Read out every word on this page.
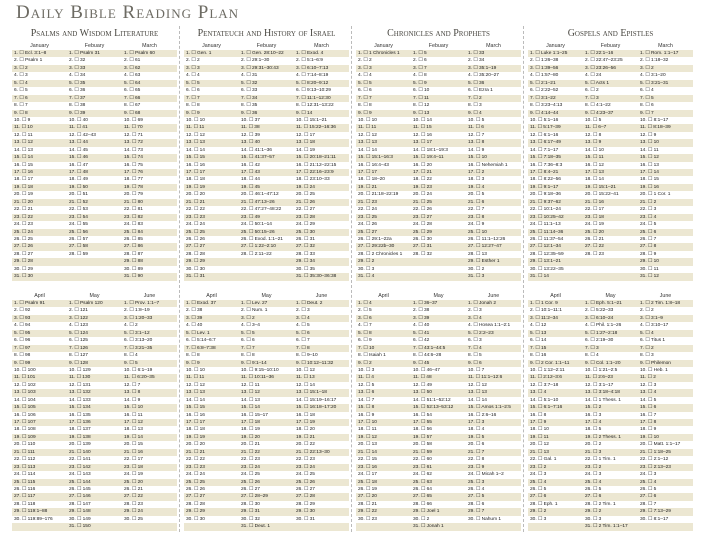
Daily Bible Reading Plan
Psalms and Wisdom Literature
January	Febuary	March
1. ☐ Ecl. 3:1–8	1. ☐ Psalm 31	1. ☐ Psalm 60
2. ☐ Psalm 1	2. ☐ 32	2. ☐ 61
3. ☐ 2	3. ☐ 33	3. ☐ 62
4. ☐ 3	4. ☐ 34	4. ☐ 63
5. ☐ 4	5. ☐ 35	5. ☐ 64
6. ☐ 5	6. ☐ 36	6. ☐ 65
7. ☐ 6	7. ☐ 37	7. ☐ 66
8. ☐ 7	8. ☐ 38	8. ☐ 67
9. ☐ 8	9. ☐ 39	9. ☐ 68
10. ☐ 9	10. ☐ 40	10. ☐ 69
11. ☐ 10	11. ☐ 41	11. ☐ 70
12. ☐ 11	12. ☐ 42–43	12. ☐ 71
13. ☐ 12	13. ☐ 44	13. ☐ 72
14. ☐ 13	14. ☐ 45	14. ☐ 73
15. ☐ 14	15. ☐ 46	15. ☐ 74
16. ☐ 15	16. ☐ 47	16. ☐ 75
17. ☐ 16	17. ☐ 48	17. ☐ 76
18. ☐ 17	18. ☐ 49	18. ☐ 77
19. ☐ 18	19. ☐ 50	19. ☐ 78
20. ☐ 19	20. ☐ 51	20. ☐ 79
21. ☐ 20	21. ☐ 52	21. ☐ 80
22. ☐ 21	22. ☐ 53	22. ☐ 81
23. ☐ 22	23. ☐ 54	23. ☐ 82
24. ☐ 23	24. ☐ 55	24. ☐ 83
25. ☐ 24	25. ☐ 56	25. ☐ 84
26. ☐ 25	26. ☐ 57	26. ☐ 85
27. ☐ 26	27. ☐ 58	27. ☐ 86
28. ☐ 27	28. ☐ 59	28. ☐ 87
29. ☐ 28	29. ☐ 88
30. ☐ 29	30. ☐ 89
31. ☐ 30	31. ☐ 90
April	May	June
1. ☐ Psalm 91	1. ☐ Psalm 120	1. ☐ Prov. 1:1–7
2. ☐ 92	2. ☐ 121	2. ☐ 1:8–19
3. ☐ 93	3. ☐ 122	3. ☐ 1:20–33
4. ☐ 94	4. ☐ 123	4. ☐ 2
5. ☐ 95	5. ☐ 124	5. ☐ 3:1–12
6. ☐ 96	6. ☐ 125	6. ☐ 3:13–20
7. ☐ 97	7. ☐ 126	7. ☐ 3:21–35
8. ☐ 98	8. ☐ 127	8. ☐ 4
9. ☐ 99	9. ☐ 128	9. ☐ 5
10. ☐ 100	10. ☐ 129	10. ☐ 6:1–19
11. ☐ 101	11. ☐ 130	11. ☐ 6:20–35
12. ☐ 102	12. ☐ 131	12. ☐ 7
13. ☐ 103	13. ☐ 132	13. ☐ 8
14. ☐ 104	14. ☐ 133	14. ☐ 9
15. ☐ 105	15. ☐ 134	15. ☐ 10
16. ☐ 106	16. ☐ 135	16. ☐ 11
17. ☐ 107	17. ☐ 136	17. ☐ 12
18. ☐ 108	18. ☐ 137	18. ☐ 13
19. ☐ 109	19. ☐ 138	19. ☐ 14
20. ☐ 110	20. ☐ 139	20. ☐ 15
21. ☐ 111	21. ☐ 140	21. ☐ 16
22. ☐ 112	22. ☐ 141	22. ☐ 17
23. ☐ 113	23. ☐ 142	23. ☐ 18
24. ☐ 114	24. ☐ 143	24. ☐ 19
25. ☐ 115	25. ☐ 144	25. ☐ 20
26. ☐ 116	26. ☐ 145	26. ☐ 21
27. ☐ 117	27. ☐ 146	27. ☐ 22
28. ☐ 118	28. ☐ 147	28. ☐ 23
29. ☐ 119:1–88	29. ☐ 148	29. ☐ 24
30. ☐ 119:89–176	30. ☐ 149	30. ☐ 25
31. ☐ 150
Pentateuch and History of Israel
January	Febuary	March
1. ☐ Gen. 1	1. ☐ Gen. 28:10–22	1. ☐ Exod. 4
2. ☐ 2	2. ☐ 29:1–30	2. ☐ 5:1–6:9
3. ☐ 3	3. ☐ 29:31–30:43	3. ☐ 6:10–7:13
4. ☐ 4	4. ☐ 31	4. ☐ 7:14–8:19
5. ☐ 5	5. ☐ 32	5. ☐ 8:20–9:12
6. ☐ 6	6. ☐ 33	6. ☐ 9:13–10:29
7. ☐ 7	7. ☐ 34	7. ☐ 11:1–12:30
8. ☐ 8	8. ☐ 35	8. ☐ 12:31–13:22
9. ☐ 9	9. ☐ 36	9. ☐ 14
10. ☐ 10	10. ☐ 37	10. ☐ 15:1–21
11. ☐ 11	11. ☐ 38	11. ☐ 15:22–16:36
12. ☐ 12	12. ☐ 39	12. ☐ 17
13. ☐ 13	13. ☐ 40	13. ☐ 18
14. ☐ 14	14. ☐ 41:1–36	14. ☐ 19
15. ☐ 15	15. ☐ 41:37–57	15. ☐ 20:18–21:11
16. ☐ 16	16. ☐ 42	16. ☐ 21:12–22:15
17. ☐ 17	17. ☐ 43	17. ☐ 22:16–23:9
18. ☐ 18	18. ☐ 44	18. ☐ 23:10–33
19. ☐ 19	19. ☐ 45	19. ☐ 24
20. ☐ 20	20. ☐ 46:1–47:12	20. ☐ 25
21. ☐ 21	21. ☐ 47:13–26	21. ☐ 26
22. ☐ 22	22. ☐ 47:27–48:22	22. ☐ 27
23. ☐ 23	23. ☐ 49	23. ☐ 28
24. ☐ 24	24. ☐ 50:1–14	24. ☐ 29
25. ☐ 25	25. ☐ 50:15–26	25. ☐ 30
26. ☐ 26	26. ☐ Exod. 1:1–21	26. ☐ 31
27. ☐ 27	27. ☐ 1:22–2:10	27. ☐ 32
28. ☐ 28	28. ☐ 2:11–22	28. ☐ 33
29. ☐ 29	29. ☐ 34
30. ☐ 30	30. ☐ 35
31. ☐ 31	31. ☐ 35:30–36:38
April	May	June
1. ☐ Exod. 37	1. ☐ Lev. 27	1. ☐ Deut. 2
2. ☐ 38	2. ☐ Num. 1	2. ☐ 3
3. ☐ 39	3. ☐ 2	3. ☐ 4
4. ☐ 40	4. ☐ 3–4	4. ☐ 5
5. ☐ Lev. 1	5. ☐ 5	5. ☐ 6
6. ☐ 5:14–6:7	6. ☐ 6	6. ☐ 7
7. ☐ 6:8–7:38	7. ☐ 7	7. ☐ 8
8. ☐ 8	8. ☐ 8	8. ☐ 9–10
9. ☐ 9	9. ☐ 9:1–14	9. ☐ 10:12–11:32
10. ☐ 10	10. ☐ 9:15–10:10	10. ☐ 12
11. ☐ 11	11. ☐ 10:11–36	11. ☐ 13
12. ☐ 12	12. ☐ 11	12. ☐ 14
13. ☐ 13	13. ☐ 12	13. ☐ 15:1–18
14. ☐ 14	14. ☐ 13	14. ☐ 15:19–16:17
15. ☐ 15	15. ☐ 14	15. ☐ 16:18–17:20
16. ☐ 16	16. ☐ 15–17	16. ☐ 18
17. ☐ 17	17. ☐ 18	17. ☐ 19
18. ☐ 18	18. ☐ 19	18. ☐ 20
19. ☐ 19	19. ☐ 20	19. ☐ 21
20. ☐ 20	20. ☐ 21	20. ☐ 22
21. ☐ 21	21. ☐ 22	21. ☐ 22:13–30
22. ☐ 22	22. ☐ 23	22. ☐ 23
23. ☐ 23	23. ☐ 24	23. ☐ 24
24. ☐ 24	24. ☐ 25	24. ☐ 25
25. ☐ 25	25. ☐ 26	25. ☐ 26
26. ☐ 26	26. ☐ 27	26. ☐ 27
27. ☐ 27	27. ☐ 28–29	27. ☐ 28
28. ☐ 28	28. ☐ 30	28. ☐ 29
29. ☐ 29	29. ☐ 31	29. ☐ 30
30. ☐ 30	30. ☐ 32	30. ☐ 31
31. ☐ Deut. 1
Chronicles and Prophets
January	Febuary	March
1. ☐ 1 Chronicles 1	1. ☐ 5	1. ☐ 33
2. ☐ 2	2. ☐ 6	2. ☐ 34
3. ☐ 3	3. ☐ 7	3. ☐ 35:1–19
4. ☐ 4	4. ☐ 8	4. ☐ 35:20–27
5. ☐ 5	5. ☐ 9	5. ☐ 36
6. ☐ 6	6. ☐ 10	6. ☐ Ezra 1
7. ☐ 7	7. ☐ 11	7. ☐ 2
8. ☐ 8	8. ☐ 12	8. ☐ 3
9. ☐ 9	9. ☐ 13	9. ☐ 4
10. ☐ 10	10. ☐ 14	10. ☐ 5
11. ☐ 11	11. ☐ 15	11. ☐ 6
12. ☐ 12	12. ☐ 16	12. ☐ 7
13. ☐ 13	13. ☐ 17	13. ☐ 8
14. ☐ 14	14. ☐ 18:1–19:3	14. ☐ 9
15. ☐ 15:1–16:3	15. ☐ 19:4–11	15. ☐ 10
16. ☐ 16:4–43	16. ☐ 20	16. ☐ Nehemiah 1
17. ☐ 17	17. ☐ 21	17. ☐ 2
18. ☐ 18–20	18. ☐ 22	18. ☐ 3
19. ☐ 21	19. ☐ 23	19. ☐ 4
20. ☐ 21:18–22:19	20. ☐ 24	20. ☐ 5
21. ☐ 23	21. ☐ 25	21. ☐ 6
22. ☐ 24	22. ☐ 26	22. ☐ 7
23. ☐ 25	23. ☐ 27	23. ☐ 8
24. ☐ 26	24. ☐ 28	24. ☐ 9
25. ☐ 27	25. ☐ 29	25. ☐ 10
26. ☐ 29:1–22a	26. ☐ 30	26. ☐ 11:1–12:26
27. ☐ 29:22b–30	27. ☐ 31	27. ☐ 12:27–47
28. ☐ 2 Chronicles 1	28. ☐ 32	28. ☐ 13
29. ☐ 2	29. ☐ Esther 1
30. ☐ 3	30. ☐ 2
31. ☐ 4	31. ☐ 3
April	May	June
1. ☐ 4	1. ☐ 36–37	1. ☐ Jonah 2
2. ☐ 5	2. ☐ 38	2. ☐ 3
3. ☐ 6	3. ☐ 39	3. ☐ 4
4. ☐ 7	4. ☐ 40	4. ☐ Hosea 1:1–2:1
5. ☐ 8	5. ☐ 41	5. ☐ 2:2–23
6. ☐ 9	6. ☐ 42	6. ☐ 3
7. ☐ 10	7. ☐ 43:1–44:5	7. ☐ 4
8. ☐ Isaiah 1	8. ☐ 44:6–28	8. ☐ 5
9. ☐ 2	9. ☐ 45	9. ☐ 6
10. ☐ 3	10. ☐ 46–47	10. ☐ 7
11. ☐ 4	11. ☐ 48	11. ☐ 11:1–12:6
12. ☐ 5	12. ☐ 49	12. ☐ 12
13. ☐ 6	13. ☐ 50	13. ☐ 13
14. ☐ 7	14. ☐ 51:1–52:12	14. ☐ 14
15. ☐ 8	15. ☐ 52:13–53:12	15. ☐ Amos 1:1–2:5
16. ☐ 9	16. ☐ 54	16. ☐ 2:6–16
17. ☐ 10	17. ☐ 55	17. ☐ 3
18. ☐ 11	18. ☐ 56	18. ☐ 4
19. ☐ 12	19. ☐ 57	19. ☐ 5
20. ☐ 13	20. ☐ 58	20. ☐ 6
21. ☐ 14	21. ☐ 59	21. ☐ 7
22. ☐ 15	22. ☐ 60	22. ☐ 8
23. ☐ 16	23. ☐ 61	23. ☐ 9
24. ☐ 17	24. ☐ 62	24. ☐ Micah 1–2
25. ☐ 18	25. ☐ 63	25. ☐ 3
26. ☐ 19	26. ☐ 64	26. ☐ 4
27. ☐ 20	27. ☐ 65	27. ☐ 5
28. ☐ 21	28. ☐ 66	28. ☐ 6
29. ☐ 22	29. ☐ Joel 1	29. ☐ 7
30. ☐ 23	30. ☐ 2	30. ☐ Nahum 1
31. ☐ Jonah 1
Gospels and Epistles
January	Febuary	March
1. ☐ Luke 1:1–25	1. ☐ 22:1–16	1. ☐ Rom. 1:1–17
2. ☐ 1:26–38	2. ☐ 22:47–23:25	2. ☐ 1:18–32
3. ☐ 1:39–56	3. ☐ 23:26–56	3. ☐ 2
4. ☐ 1:57–80	4. ☐ 24	4. ☐ 3:1–20
5. ☐ 2:1–21	5. ☐ Acts 1	5. ☐ 3:21–31
6. ☐ 2:22–52	6. ☐ 2	6. ☐ 4
7. ☐ 3:1–22	7. ☐ 3	7. ☐ 5
8. ☐ 3:23–4:13	8. ☐ 4:1–22	8. ☐ 6
9. ☐ 4:14–44	9. ☐ 4:23–37	9. ☐ 7
10. ☐ 5:1–16	10. ☐ 5	10. ☐ 8:1–17
11. ☐ 5:17–39	11. ☐ 6–7	11. ☐ 8:18–39
12. ☐ 6:1–16	12. ☐ 8	12. ☐ 9
13. ☐ 6:17–49	13. ☐ 9	13. ☐ 10
14. ☐ 7:1–17	14. ☐ 10	14. ☐ 11
15. ☐ 7:18–35	15. ☐ 11	15. ☐ 12
16. ☐ 7:36–8:3	16. ☐ 12	16. ☐ 13
17. ☐ 8:4–21	17. ☐ 13	17. ☐ 14
18. ☐ 8:22–56	18. ☐ 14	18. ☐ 15
19. ☐ 9:1–17	19. ☐ 15:1–21	19. ☐ 16
20. ☐ 9:18–36	20. ☐ 15:22–41	20. ☐ 1 Cor. 1
21. ☐ 9:37–62	21. ☐ 16	21. ☐ 2
22. ☐ 10:1–24	22. ☐ 17	22. ☐ 3
23. ☐ 10:25–42	23. ☐ 18	23. ☐ 4
24. ☐ 11:1–13	24. ☐ 19	24. ☐ 5
25. ☐ 11:14–36	25. ☐ 20	25. ☐ 6
26. ☐ 11:37–54	26. ☐ 21	26. ☐ 7
27. ☐ 12:1–34	27. ☐ 22	27. ☐ 8
28. ☐ 12:35–59	28. ☐ 23	28. ☐ 9
29. ☐ 13:1–21	29. ☐ 10
30. ☐ 13:22–35	30. ☐ 11
31. ☐ 14	31. ☐ 12
April	May	June
1. ☐ 1 Cor. 9	1. ☐ Eph. 5:1–21	1. ☐ 2 Tim. 1:8–18
2. ☐ 10:1–11:1	2. ☐ 5:22–33	2. ☐ 2
3. ☐ 11:2–34	3. ☐ 6:10–24	3. ☐ 3:1–9
4. ☐ 12	4. ☐ Phil. 1:1–26	4. ☐ 3:10–17
5. ☐ 13	5. ☐ 1:27–2:18	5. ☐ 4
6. ☐ 14	6. ☐ 2:19–30	6. ☐ Titus 1
7. ☐ 15	7. ☐ 3	7. ☐ 2
8. ☐ 16	8. ☐ 4	8. ☐ 3
9. ☐ 2 Cor. 1:1–11	9. ☐ Col. 1:1–20	9. ☐ Philemon
10. ☐ 1:12–2:11	10. ☐ 1:21–2:5	10. ☐ Heb. 1
11. ☐ 2:12–3:6	11. ☐ 2:6–23	11. ☐ 2
12. ☐ 3:7–18	12. ☐ 3:1–17	12. ☐ 3
13. ☐ 4	13. ☐ 3:18–4:18	13. ☐ 4
14. ☐ 5:1–10	14. ☐ 1 Thess. 1	14. ☐ 5
15. ☐ 6:1–7:16	15. ☐ 2	15. ☐ 6
16. ☐ 8	16. ☐ 3	16. ☐ 7
17. ☐ 9	17. ☐ 4	17. ☐ 8
18. ☐ 10	18. ☐ 5	18. ☐ 9
19. ☐ 11	19. ☐ 2 Thess. 1	19. ☐ 10
20. ☐ 12	20. ☐ 2	20. ☐ Matt. 1:1–17
21. ☐ 13	21. ☐ 3	21. ☐ 1:18–25
22. ☐ Gal. 1	22. ☐ 1 Tim. 1	22. ☐ 2:1–12
23. ☐ 2	23. ☐ 2	23. ☐ 2:13–23
24. ☐ 3	24. ☐ 3	24. ☐ 3
25. ☐ 4	25. ☐ 4	25. ☐ 4
26. ☐ 5	26. ☐ 5	26. ☐ 5
27. ☐ 6	27. ☐ 6	27. ☐ 6
28. ☐ Eph. 1	28. ☐ 2 Tim. 1	28. ☐ 7
29. ☐ 2	29. ☐ 2	29. ☐ 7:13–29
30. ☐ 3	30. ☐ 3	30. ☐ 8:1–17
31. ☐ 2 Tim. 1:1–17
